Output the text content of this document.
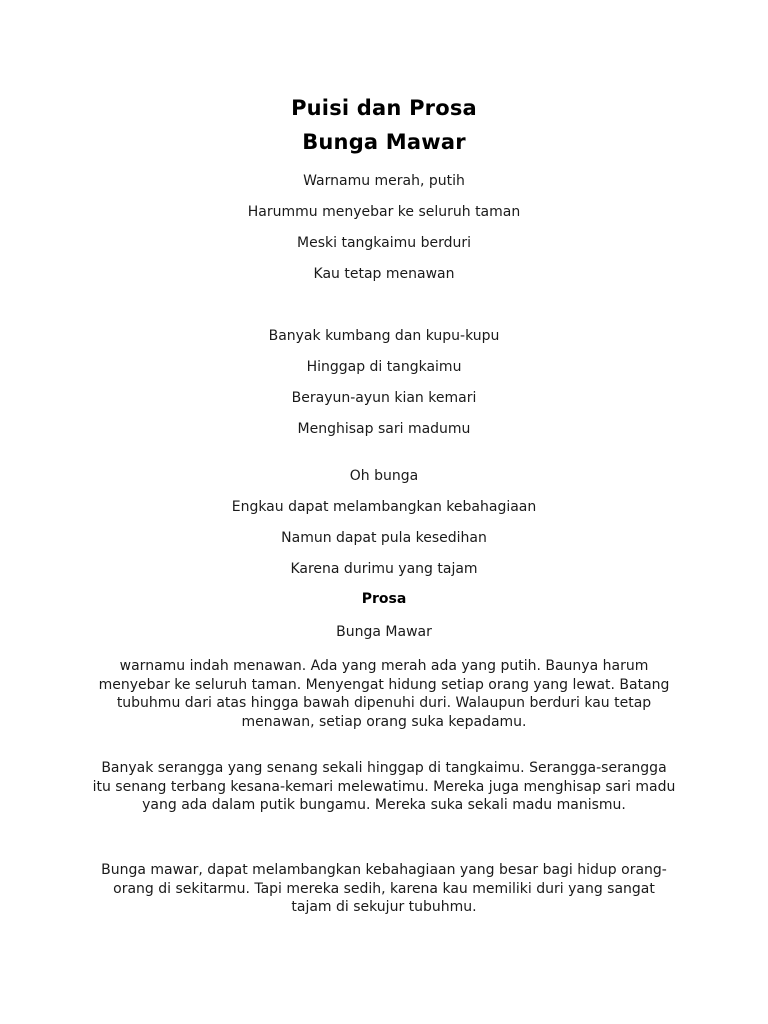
Puisi dan Prosa
Bunga Mawar
Warnamu merah, putih
Harummu menyebar ke seluruh taman
Meski tangkaimu berduri
Kau tetap menawan
Banyak kumbang dan kupu-kupu
Hinggap di tangkaimu
Berayun-ayun kian kemari
Menghisap sari madumu
Oh bunga
Engkau dapat melambangkan kebahagiaan
Namun dapat pula kesedihan
Karena durimu yang tajam
Prosa
Bunga Mawar
warnamu indah menawan. Ada yang merah ada yang putih. Baunya harum menyebar ke seluruh taman. Menyengat hidung setiap orang yang lewat. Batang tubuhmu dari atas hingga bawah dipenuhi duri. Walaupun berduri kau tetap menawan, setiap orang suka kepadamu.
Banyak serangga yang senang sekali hinggap di tangkaimu. Serangga-serangga itu senang terbang kesana-kemari melewatimu. Mereka juga menghisap sari madu yang ada dalam putik bungamu. Mereka suka sekali madu manismu.
Bunga mawar, dapat melambangkan kebahagiaan yang besar bagi hidup orang-orang di sekitarmu. Tapi mereka sedih, karena kau memiliki duri yang sangat tajam di sekujur tubuhmu.
